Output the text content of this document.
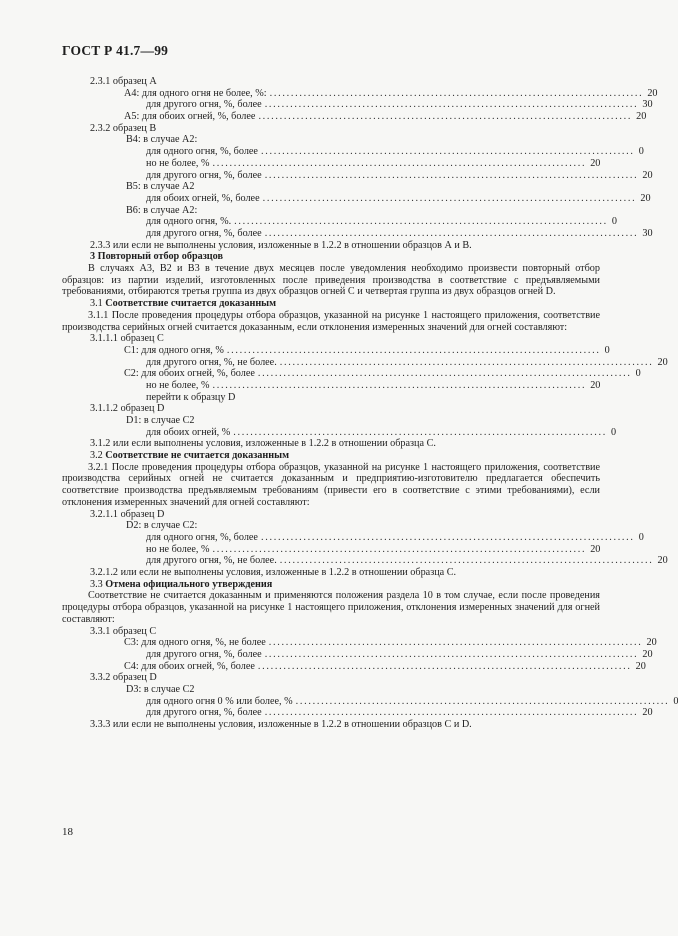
ГОСТ Р 41.7—99
2.3.1 образец А
А4: для одного огня не более, %: ........................................................................................ 20
для другого огня, %, более ........................................................................................ 30
А5: для обоих огней, %, более ........................................................................................ 20
2.3.2 образец В
В4: в случае А2:
для одного огня, %, более ........................................................................................ 0
но не более, % ........................................................................................ 20
для другого огня, %, более ........................................................................................ 20
В5: в случае А2
для обоих огней, %, более ........................................................................................ 20
В6: в случае А2:
для одного огня, %. ........................................................................................ 0
для другого огня, %, более ........................................................................................ 30
2.3.3 или если не выполнены условия, изложенные в 1.2.2 в отношении образцов А и В.
3 Повторный отбор образцов
В случаях А3, В2 и В3 в течение двух месяцев после уведомления необходимо произвести повторный отбор образцов: из партии изделий, изготовленных после приведения производства в соответствие с предъявляемыми требованиями, отбираются третья группа из двух образцов огней С и четвертая группа из двух образцов огней D.
3.1 Соответствие считается доказанным
3.1.1 После проведения процедуры отбора образцов, указанной на рисунке 1 настоящего приложения, соответствие производства серийных огней считается доказанным, если отклонения измеренных значений для огней составляют:
3.1.1.1 образец С
С1: для одного огня, % ........................................................................................ 0
для другого огня, %, не более. ........................................................................................ 20
С2: для обоих огней, %, более ........................................................................................ 0
но не более, % ........................................................................................ 20
перейти к образцу D
3.1.1.2 образец D
D1: в случае С2
для обоих огней, % ........................................................................................ 0
3.1.2 или если выполнены условия, изложенные в 1.2.2 в отношении образца С.
3.2 Соответствие не считается доказанным
3.2.1 После проведения процедуры отбора образцов, указанной на рисунке 1 настоящего приложения, соответствие производства серийных огней не считается доказанным и предприятию-изготовителю предлагается обеспечить соответствие производства предъявляемым требованиям (привести его в соответствие с этими требованиями), если отклонения измеренных значений для огней составляют:
3.2.1.1 образец D
D2: в случае С2:
для одного огня, %, более ........................................................................................ 0
но не более, % ........................................................................................ 20
для другого огня, %, не более. ........................................................................................ 20
3.2.1.2 или если не выполнены условия, изложенные в 1.2.2 в отношении образца С.
3.3 Отмена официального утверждения
Соответствие не считается доказанным и применяются положения раздела 10 в том случае, если после проведения процедуры отбора образцов, указанной на рисунке 1 настоящего приложения, отклонения измеренных значений для огней составляют:
3.3.1 образец С
С3: для одного огня, %, не более ........................................................................................ 20
для другого огня, %, более ........................................................................................ 20
С4: для обоих огней, %, более ........................................................................................ 20
3.3.2 образец D
D3: в случае С2
для одного огня 0 % или более, % ........................................................................................ 0
для другого огня, %, более ........................................................................................ 20
3.3.3 или если не выполнены условия, изложенные в 1.2.2 в отношении образцов С и D.
18
